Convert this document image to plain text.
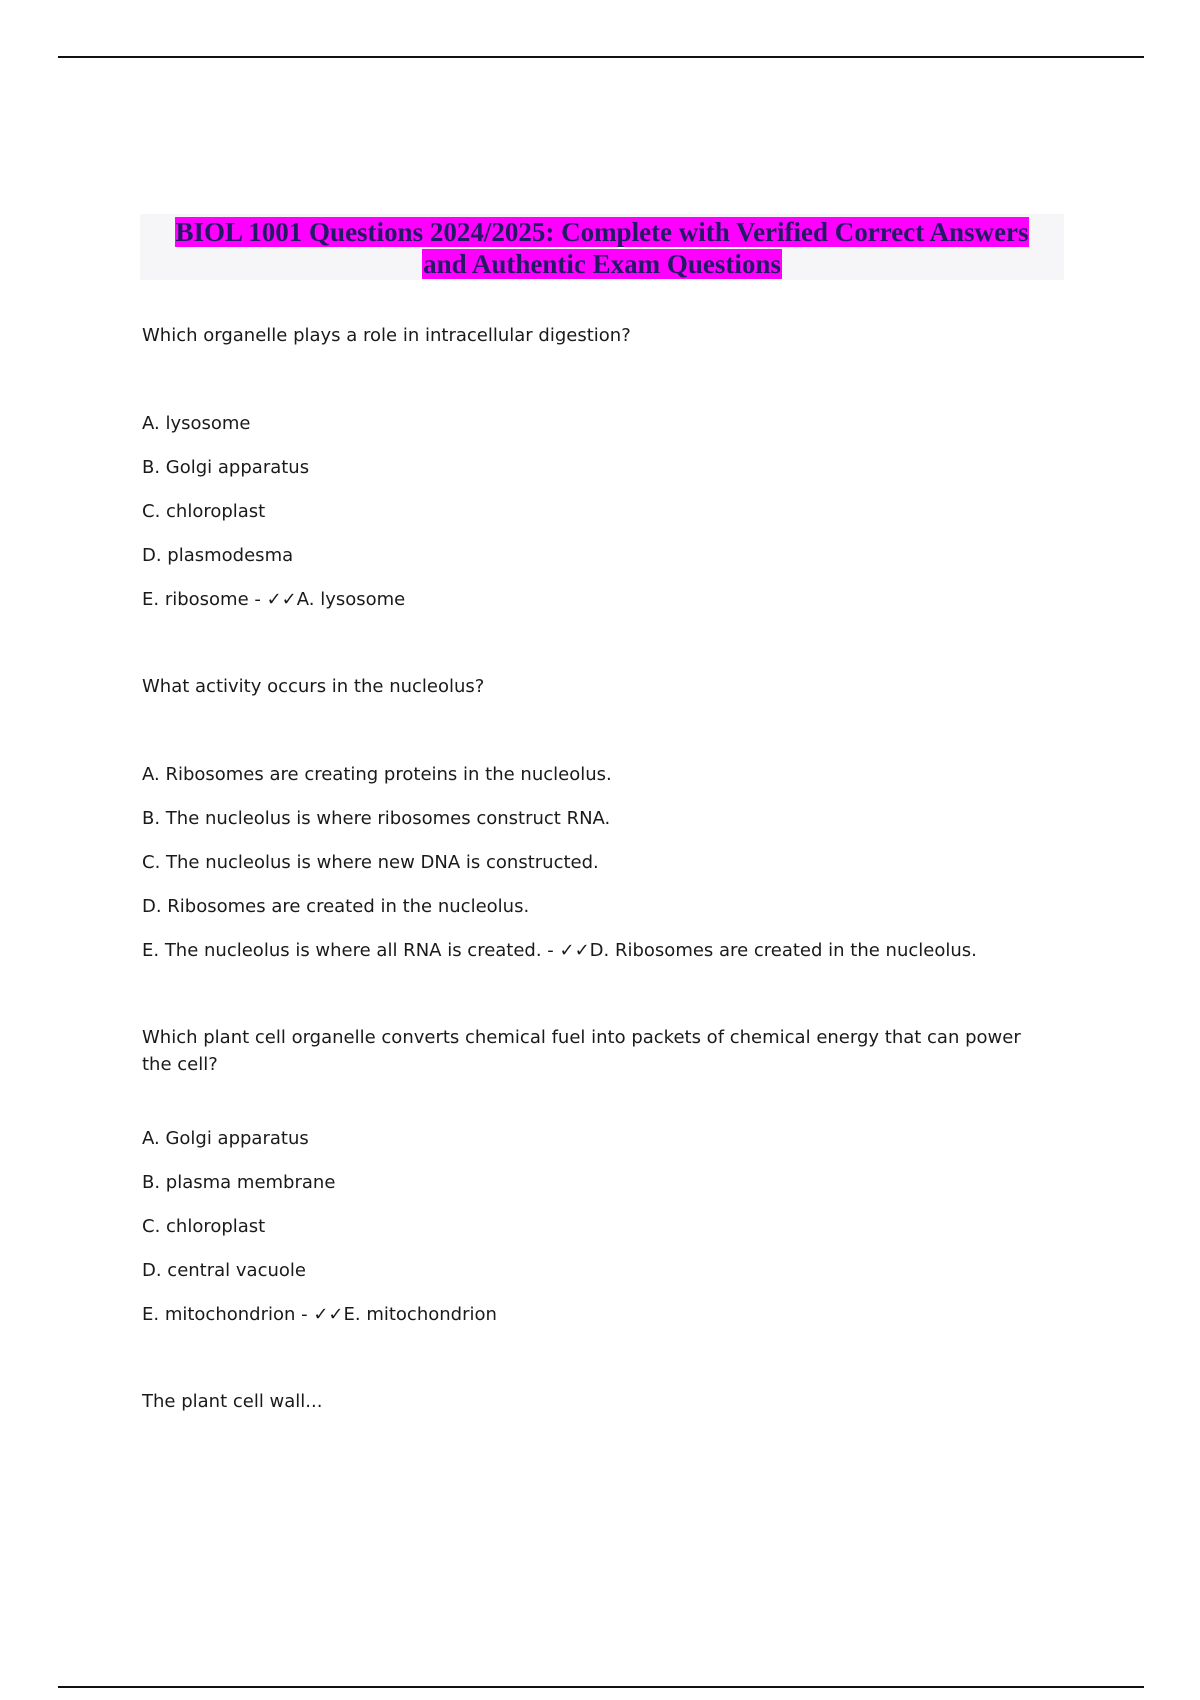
BIOL 1001 Questions 2024/2025: Complete with Verified Correct Answers
and Authentic Exam Questions

Which organelle plays a role in intracellular digestion?

A. lysosome

B. Golgi apparatus

C. chloroplast

D. plasmodesma

E. ribosome - ✓✓A. lysosome

What activity occurs in the nucleolus?

A. Ribosomes are creating proteins in the nucleolus.

B. The nucleolus is where ribosomes construct RNA.

C. The nucleolus is where new DNA is constructed.

D. Ribosomes are created in the nucleolus.

E. The nucleolus is where all RNA is created. - ✓✓D. Ribosomes are created in the nucleolus.

Which plant cell organelle converts chemical fuel into packets of chemical energy that can power the cell?

A. Golgi apparatus

B. plasma membrane

C. chloroplast

D. central vacuole

E. mitochondrion - ✓✓E. mitochondrion

The plant cell wall...
